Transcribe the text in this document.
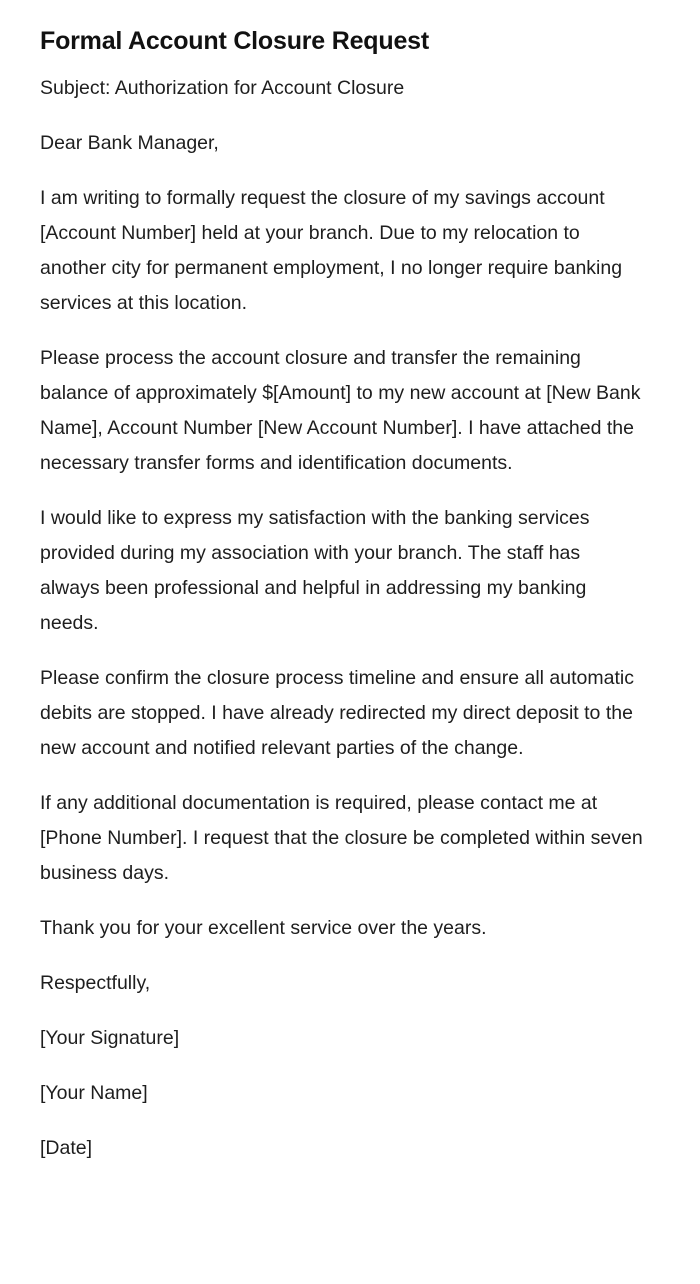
Formal Account Closure Request

Subject: Authorization for Account Closure

Dear Bank Manager,

I am writing to formally request the closure of my savings account [Account Number] held at your branch. Due to my relocation to another city for permanent employment, I no longer require banking services at this location.

Please process the account closure and transfer the remaining balance of approximately $[Amount] to my new account at [New Bank Name], Account Number [New Account Number]. I have attached the necessary transfer forms and identification documents.

I would like to express my satisfaction with the banking services provided during my association with your branch. The staff has always been professional and helpful in addressing my banking needs.

Please confirm the closure process timeline and ensure all automatic debits are stopped. I have already redirected my direct deposit to the new account and notified relevant parties of the change.

If any additional documentation is required, please contact me at [Phone Number]. I request that the closure be completed within seven business days.

Thank you for your excellent service over the years.

Respectfully,

[Your Signature]

[Your Name]

[Date]
